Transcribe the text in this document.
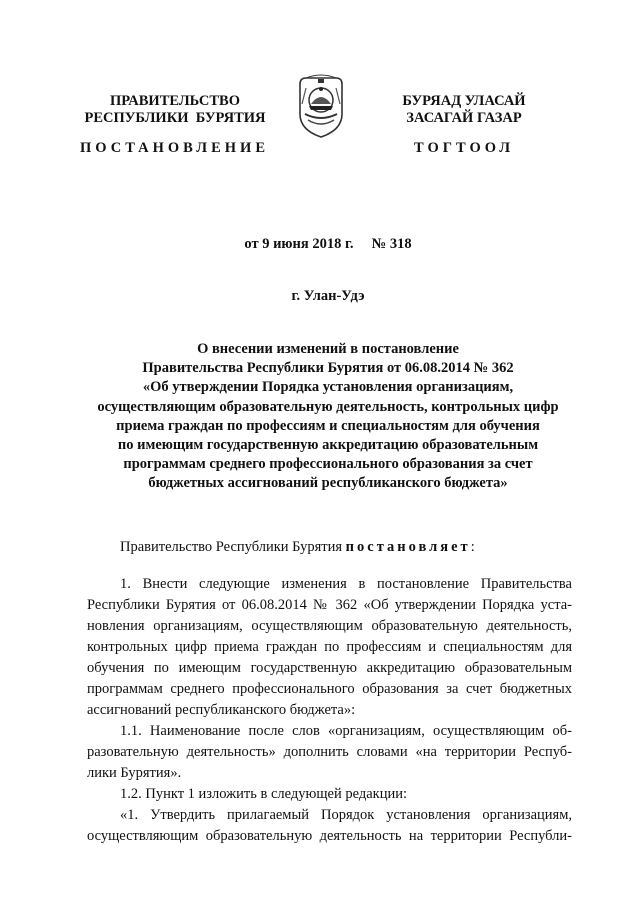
ПРАВИТЕЛЬСТВО
РЕСПУБЛИКИ  БУРЯТИЯ
ПОСТАНОВЛЕНИЕ
БУРЯАД УЛАСАЙ
ЗАСАГАЙ ГАЗАР
ТОГТООЛ
от 9 июня 2018 г.     № 318
г. Улан-Удэ
О внесении изменений в постановление
Правительства Республики Бурятия от 06.08.2014 № 362
«Об утверждении Порядка установления организациям,
осуществляющим образовательную деятельность, контрольных цифр
приема граждан по профессиям и специальностям для обучения
по имеющим государственную аккредитацию образовательным
программам среднего профессионального образования за счет
бюджетных ассигнований республиканского бюджета»
Правительство Республики Бурятия постановляет:
1. Внести следующие изменения в постановление Правительства
Республики Бурятия от 06.08.2014 № 362 «Об утверждении Порядка уста-
новления организациям, осуществляющим образовательную деятельность,
контрольных цифр приема граждан по профессиям и специальностям для
обучения по имеющим государственную аккредитацию образовательным
программам среднего профессионального образования за счет бюджетных
ассигнований республиканского бюджета»:
1.1. Наименование после слов «организациям, осуществляющим об-
разовательную деятельность» дополнить словами «на территории Респуб-
лики Бурятия».
1.2. Пункт 1 изложить в следующей редакции:
«1. Утвердить прилагаемый Порядок установления организациям,
осуществляющим образовательную деятельность на территории Республи-
